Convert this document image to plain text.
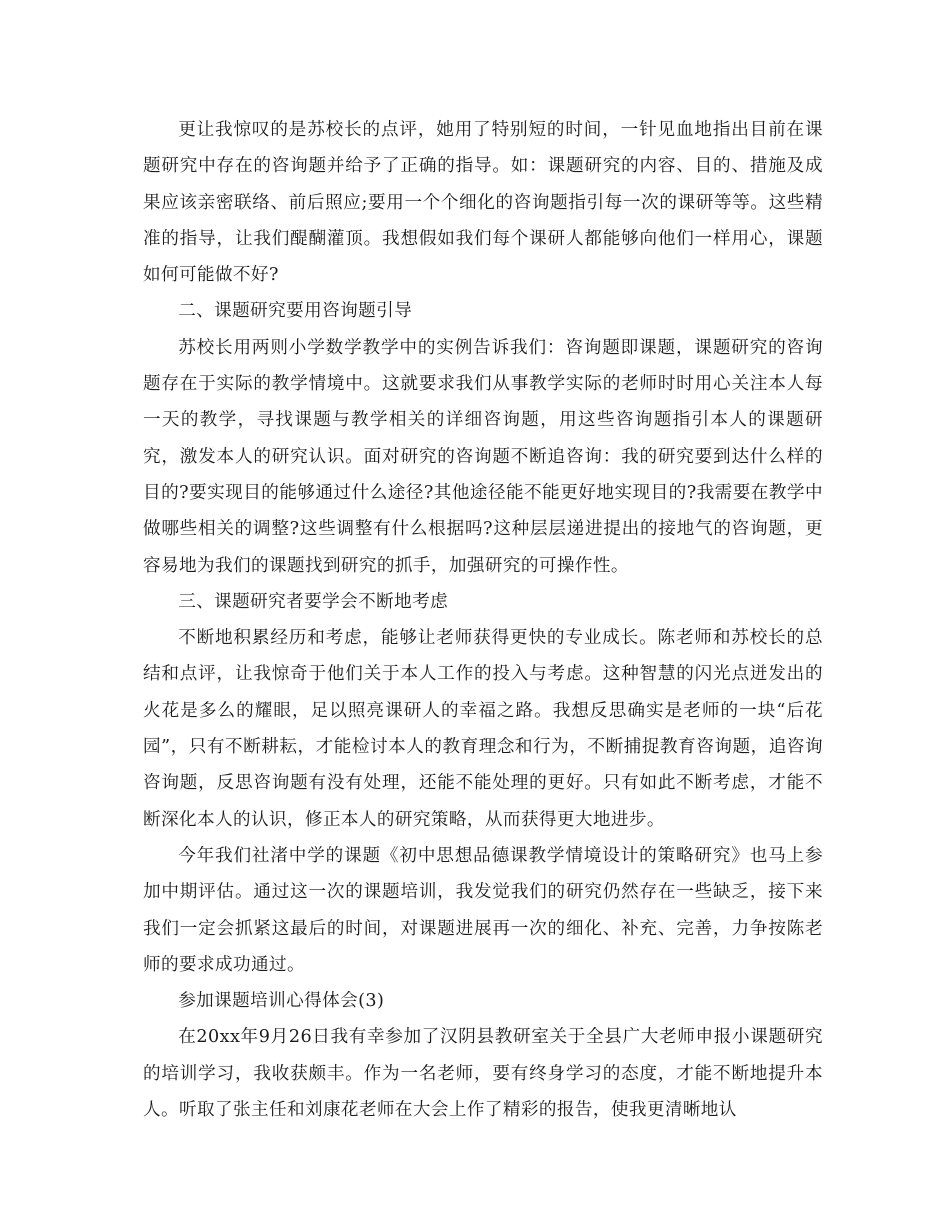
更让我惊叹的是苏校长的点评，她用了特别短的时间，一针见血地指出目前在课题研究中存在的咨询题并给予了正确的指导。如：课题研究的内容、目的、措施及成果应该亲密联络、前后照应;要用一个个细化的咨询题指引每一次的课研等等。这些精准的指导，让我们醍醐灌顶。我想假如我们每个课研人都能够向他们一样用心，课题如何可能做不好?

二、课题研究要用咨询题引导

苏校长用两则小学数学教学中的实例告诉我们：咨询题即课题，课题研究的咨询题存在于实际的教学情境中。这就要求我们从事教学实际的老师时时用心关注本人每一天的教学，寻找课题与教学相关的详细咨询题，用这些咨询题指引本人的课题研究，激发本人的研究认识。面对研究的咨询题不断追咨询：我的研究要到达什么样的目的?要实现目的能够通过什么途径?其他途径能不能更好地实现目的?我需要在教学中做哪些相关的调整?这些调整有什么根据吗?这种层层递进提出的接地气的咨询题，更容易地为我们的课题找到研究的抓手，加强研究的可操作性。

三、课题研究者要学会不断地考虑

不断地积累经历和考虑，能够让老师获得更快的专业成长。陈老师和苏校长的总结和点评，让我惊奇于他们关于本人工作的投入与考虑。这种智慧的闪光点迸发出的火花是多么的耀眼，足以照亮课研人的幸福之路。我想反思确实是老师的一块“后花园”，只有不断耕耘，才能检讨本人的教育理念和行为，不断捕捉教育咨询题，追咨询咨询题，反思咨询题有没有处理，还能不能处理的更好。只有如此不断考虑，才能不断深化本人的认识，修正本人的研究策略，从而获得更大地进步。

今年我们社渚中学的课题《初中思想品德课教学情境设计的策略研究》也马上参加中期评估。通过这一次的课题培训，我发觉我们的研究仍然存在一些缺乏，接下来我们一定会抓紧这最后的时间，对课题进展再一次的细化、补充、完善，力争按陈老师的要求成功通过。

参加课题培训心得体会(3)

在20xx年9月26日我有幸参加了汉阴县教研室关于全县广大老师申报小课题研究的培训学习，我收获颇丰。作为一名老师，要有终身学习的态度，才能不断地提升本人。听取了张主任和刘康花老师在大会上作了精彩的报告，使我更清晰地认
